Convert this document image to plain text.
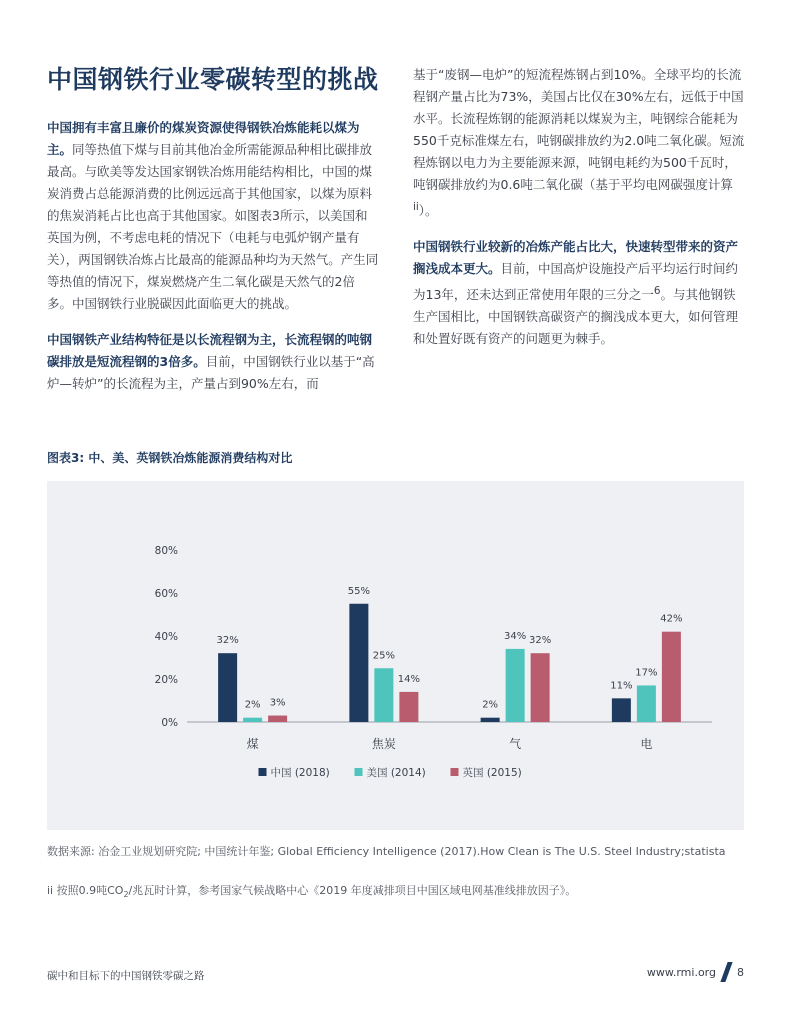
中国钢铁行业零碳转型的挑战

中国拥有丰富且廉价的煤炭资源使得钢铁冶炼能耗以煤为主。同等热值下煤与目前其他冶金所需能源品种相比碳排放最高。与欧美等发达国家钢铁冶炼用能结构相比，中国的煤炭消费占总能源消费的比例远远高于其他国家，以煤为原料的焦炭消耗占比也高于其他国家。如图表3所示，以美国和英国为例，不考虑电耗的情况下（电耗与电弧炉钢产量有关），两国钢铁冶炼占比最高的能源品种均为天然气。产生同等热值的情况下，煤炭燃烧产生二氧化碳是天然气的2倍多。中国钢铁行业脱碳因此面临更大的挑战。

中国钢铁产业结构特征是以长流程钢为主，长流程钢的吨钢碳排放是短流程钢的3倍多。目前，中国钢铁行业以基于“高炉—转炉”的长流程为主，产量占到90%左右，而

基于“废钢—电炉”的短流程炼钢占到10%。全球平均的长流程钢产量占比为73%，美国占比仅在30%左右，远低于中国水平。长流程炼钢的能源消耗以煤炭为主，吨钢综合能耗为550千克标准煤左右，吨钢碳排放约为2.0吨二氧化碳。短流程炼钢以电力为主要能源来源，吨钢电耗约为500千瓦时，吨钢碳排放约为0.6吨二氧化碳（基于平均电网碳强度计算$^{ii}$）。

中国钢铁行业较新的冶炼产能占比大，快速转型带来的资产搁浅成本更大。目前，中国高炉设施投产后平均运行时间约为13年，还未达到正常使用年限的三分之一$^6$。与其他钢铁生产国相比，中国钢铁高碳资产的搁浅成本更大，如何管理和处置好既有资产的问题更为棘手。

图表3: 中、美、英钢铁冶炼能源消费结构对比
0%
20%
40%
60%
80%
煤
32%
2% 3%
焦炭
55%
25%
14%
气
2%
34% 32%
电
11%
17%
42%
中国 (2018)	美国 (2014)	英国 (2015)
数据来源: 冶金工业规划研究院; 中国统计年鉴; Global Efficiency Intelligence (2017).How Clean is The U.S. Steel Industry;statista
ii 按照0.9吨$CO_2/$兆瓦时计算，参考国家气候战略中心《2019 年度减排项目中国区域电网基准线排放因子》。
碳中和目标下的中国钢铁零碳之路	www.rmi.org 8
